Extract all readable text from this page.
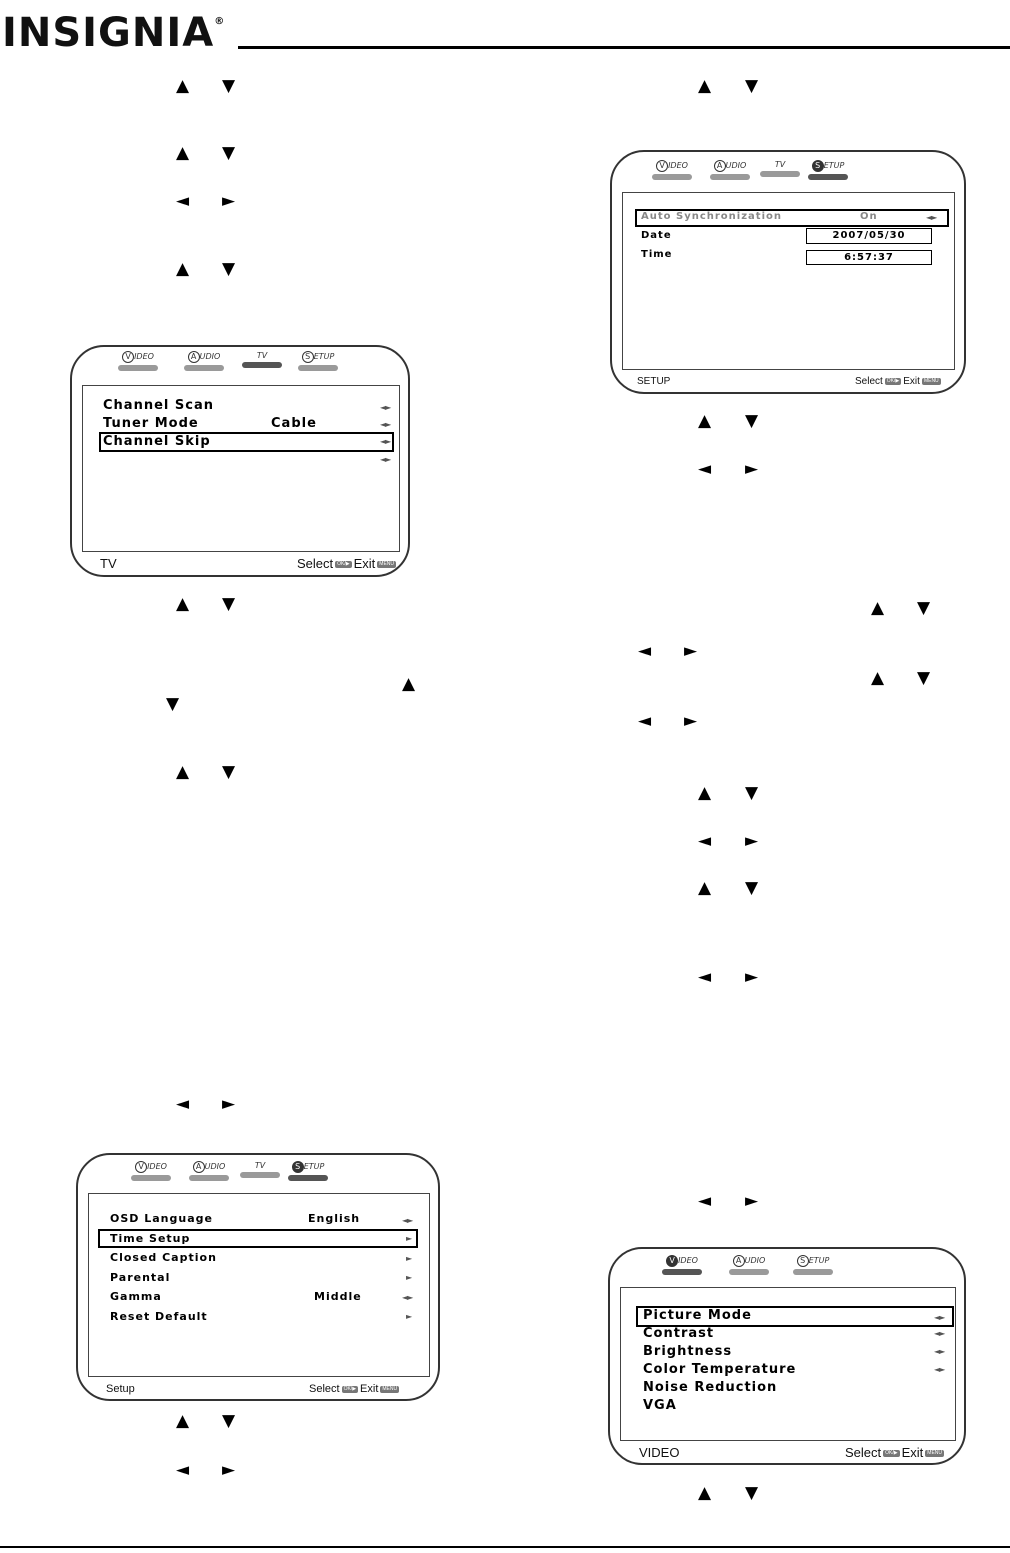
INSIGNIA®
▲ ▼
▲ ▼
◄ ►
▲ ▼
▲ ▼
▲
▼
▲ ▼
◄ ►
▲ ▼
◄ ►
▲ ▼
▲ ▼
◄ ►
▲ ▼
◄ ►
▲ ▼
◄ ►
▲ ▼
◄ ►
▲ ▼
◄ ►
◄ ►
▲ ▼
V IDEO	A UDIO	TV	S ETUP
Channel Scan	◄►
Tuner Mode	Cable	◄►
Channel Skip	◄►
◄►
TV	Select OK/▶ Exit MENU
V IDEO	A UDIO	TV	S ETUP
OSD Language	English	◄►
Time Setup	►
Closed Caption	►
Parental	►
Gamma	Middle	◄►
Reset Default	►
Setup	Select OK/▶ Exit MENU
V IDEO	A UDIO	TV	S ETUP
Auto Synchronization	On	◄►
Date	2007/05/30
Time	6:57:37
SETUP	Select OK/▶ Exit MENU
V IDEO	A UDIO	S ETUP
Picture Mode	◄►
Contrast	◄►
Brightness	◄►
Color Temperature	◄►
Noise Reduction
VGA
VIDEO	Select OK/▶ Exit MENU
